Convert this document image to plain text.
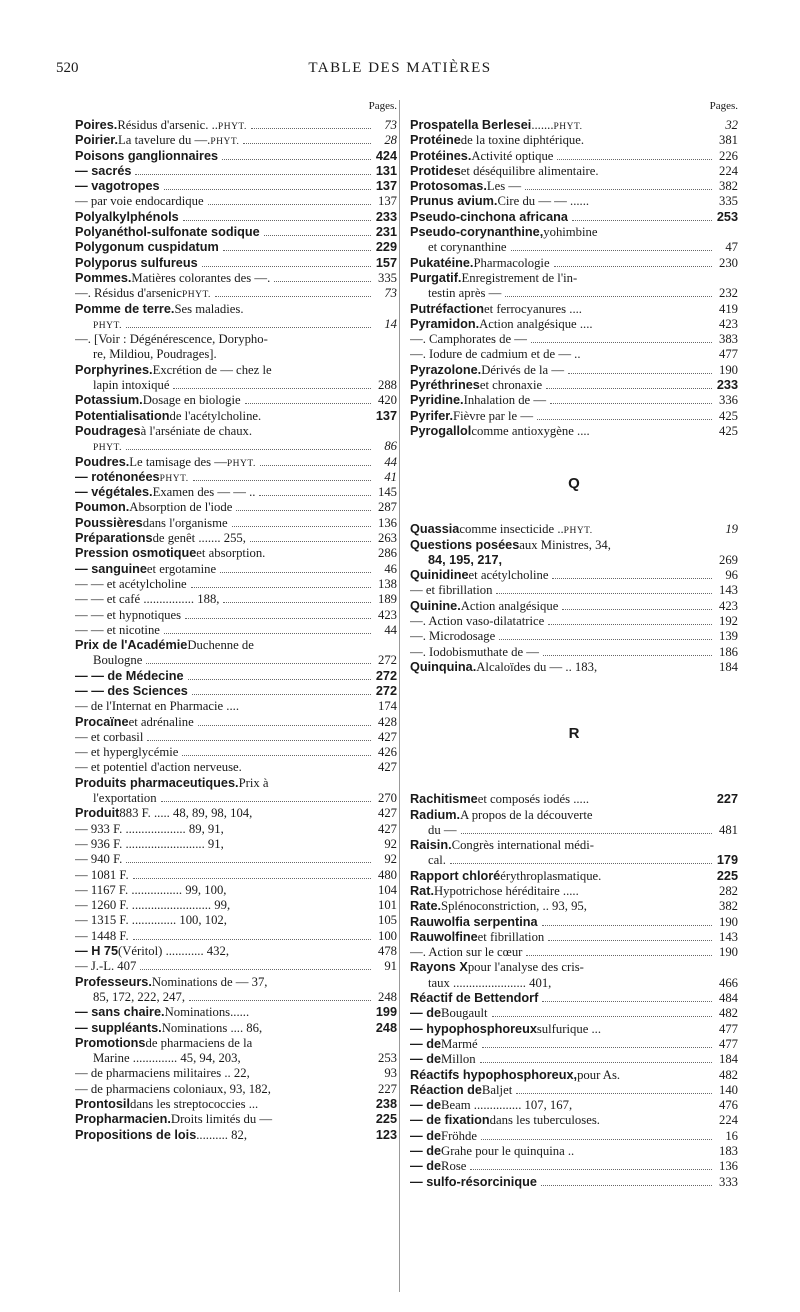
520	TABLE DES MATIÈRES
Pages.
Poires. Résidus d'arsenic. .. PHYT.	73
Poirier. La tavelure du —. PHYT.	28
Poisons ganglionnaires	424
— sacrés	131
— vagotropes	137
— par voie endocardique	137
Polyalkylphénols	233
Polyanéthol-sulfonate sodique	231
Polygonum cuspidatum	229
Polyporus sulfureus	157
Pommes. Matières colorantes des —.	335
—. Résidus d'arsenic PHYT.	73
Pomme de terre. Ses maladies.
PHYT.	14
—. [Voir : Dégénérescence, Dorypho-
re, Mildiou, Poudrages].
Porphyrines. Excrétion de — chez le
lapin intoxiqué	288
Potassium. Dosage en biologie	420
Potentialisation de l'acétylcholine.	137
Poudrages à l'arséniate de chaux.
PHYT.	86
Poudres. Le tamisage des — PHYT.	44
— roténonées PHYT.	41
— végétales. Examen des — — ..	145
Poumon. Absorption de l'iode	287
Poussières dans l'organisme	136
Préparations de genêt ....... 255,	263
Pression osmotique et absorption.	286
— sanguine et ergotamine	46
— — et acétylcholine	138
— — et café ................ 188,	189
— — et hypnotiques	423
— — et nicotine	44
Prix de l'Académie Duchenne de
Boulogne	272
— — de Médecine	272
— — des Sciences	272
— de l'Internat en Pharmacie ....	174
Procaïne et adrénaline	428
— et corbasil	427
— et hyperglycémie	426
— et potentiel d'action nerveuse.	427
Produits pharmaceutiques. Prix à
l'exportation	270
Produit 883 F. ..... 48, 89, 98, 104,	427
— 933 F. ................... 89, 91,	427
— 936 F. ......................... 91,	92
— 940 F.	92
— 1081 F.	480
— 1167 F. ................ 99, 100,	104
— 1260 F. ......................... 99,	101
— 1315 F. .............. 100, 102,	105
— 1448 F.	100
— H 75 (Véritol) ............ 432,	478
— J.-L. 407	91
Professeurs. Nominations de — 37,
85, 172, 222, 247,	248
— sans chaire. Nominations......	199
— suppléants. Nominations .... 86,	248
Promotions de pharmaciens de la
Marine .............. 45, 94, 203,	253
— de pharmaciens militaires .. 22,	93
— de pharmaciens coloniaux, 93, 182,	227
Prontosil dans les streptococcies ...	238
Propharmacien. Droits limités du —	225
Propositions de lois .......... 82,	123
Pages.
Prospatella Berlesei ....... PHYT.	32
Protéine de la toxine diphtérique.	381
Protéines. Activité optique	226
Protides et déséquilibre alimentaire.	224
Protosomas. Les —	382
Prunus avium. Cire du — — ......	335
Pseudo-cinchona africana	253
Pseudo-corynanthine, yohimbine
et corynanthine	47
Pukatéine. Pharmacologie	230
Purgatif. Enregistrement de l'in-
testin après —	232
Putréfaction et ferrocyanures ....	419
Pyramidon. Action analgésique ....	423
—. Camphorates de —	383
—. Iodure de cadmium et de — ..	477
Pyrazolone. Dérivés de la —	190
Pyréthrines et chronaxie	233
Pyridine. Inhalation de —	336
Pyrifer. Fièvre par le —	425
Pyrogallol comme antioxygène ....	425
Q
Quassia comme insecticide .. PHYT.	19
Questions posées aux Ministres, 34,
84, 195, 217,	269
Quinidine et acétylcholine	96
— et fibrillation	143
Quinine. Action analgésique	423
—. Action vaso-dilatatrice	192
—. Microdosage	139
—. Iodobismuthate de —	186
Quinquina. Alcaloïdes du — .. 183,	184
R
Rachitisme et composés iodés .....	227
Radium. A propos de la découverte
du —	481
Raisin. Congrès international médi-
cal.	179
Rapport chloré érythroplasmatique.	225
Rat. Hypotrichose héréditaire .....	282
Rate. Splénoconstriction, .. 93, 95,	382
Rauwolfia serpentina	190
Rauwolfine et fibrillation	143
—. Action sur le cœur	190
Rayons X pour l'analyse des cris-
taux ....................... 401,	466
Réactif de Bettendorf	484
— de Bougault	482
— hypophosphoreux sulfurique ...	477
— de Marmé	477
— de Millon	184
Réactifs hypophosphoreux, pour As.	482
Réaction de Baljet	140
— de Beam ............... 107, 167,	476
— de fixation dans les tuberculoses.	224
— de Fröhde	16
— de Grahe pour le quinquina ..	183
— de Rose	136
— sulfo-résorcinique	333
